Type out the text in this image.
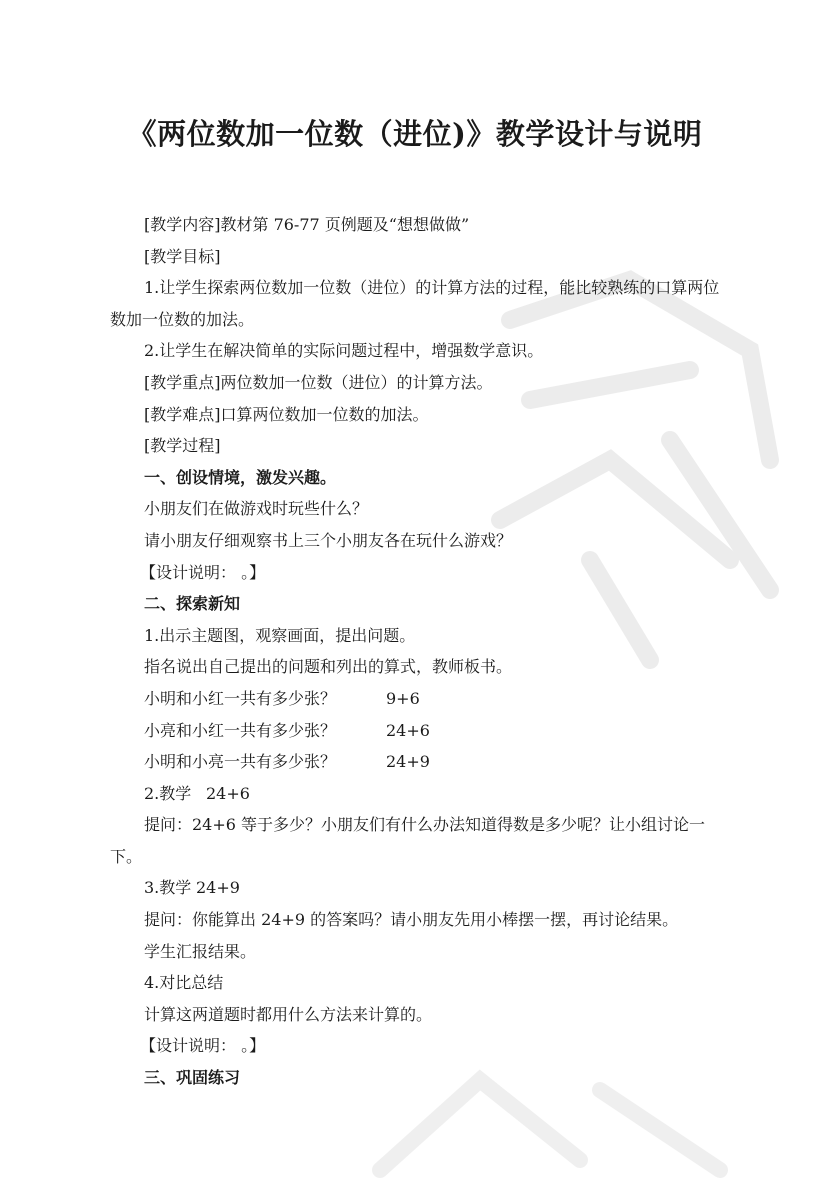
《两位数加一位数（进位)》教学设计与说明

[教学内容]教材第 76-77 页例题及“想想做做”

[教学目标]

1.让学生探索两位数加一位数（进位）的计算方法的过程，能比较熟练的口算两位数加一位数的加法。

2.让学生在解决简单的实际问题过程中，增强数学意识。

[教学重点]两位数加一位数（进位）的计算方法。

[教学难点]口算两位数加一位数的加法。

[教学过程]

一、创设情境，激发兴趣。

小朋友们在做游戏时玩些什么？

请小朋友仔细观察书上三个小朋友各在玩什么游戏？

【设计说明： 。】

二、探索新知

1.出示主题图，观察画面，提出问题。

指名说出自己提出的问题和列出的算式，教师板书。

小明和小红一共有多少张？	9+6
小亮和小红一共有多少张？	24+6
小明和小亮一共有多少张？	24+9
2.教学 24+6

提问：24+6 等于多少？小朋友们有什么办法知道得数是多少呢？让小组讨论一下。

3.教学 24+9

提问：你能算出 24+9 的答案吗？请小朋友先用小棒摆一摆，再讨论结果。

学生汇报结果。

4.对比总结

计算这两道题时都用什么方法来计算的。

【设计说明： 。】

三、巩固练习
